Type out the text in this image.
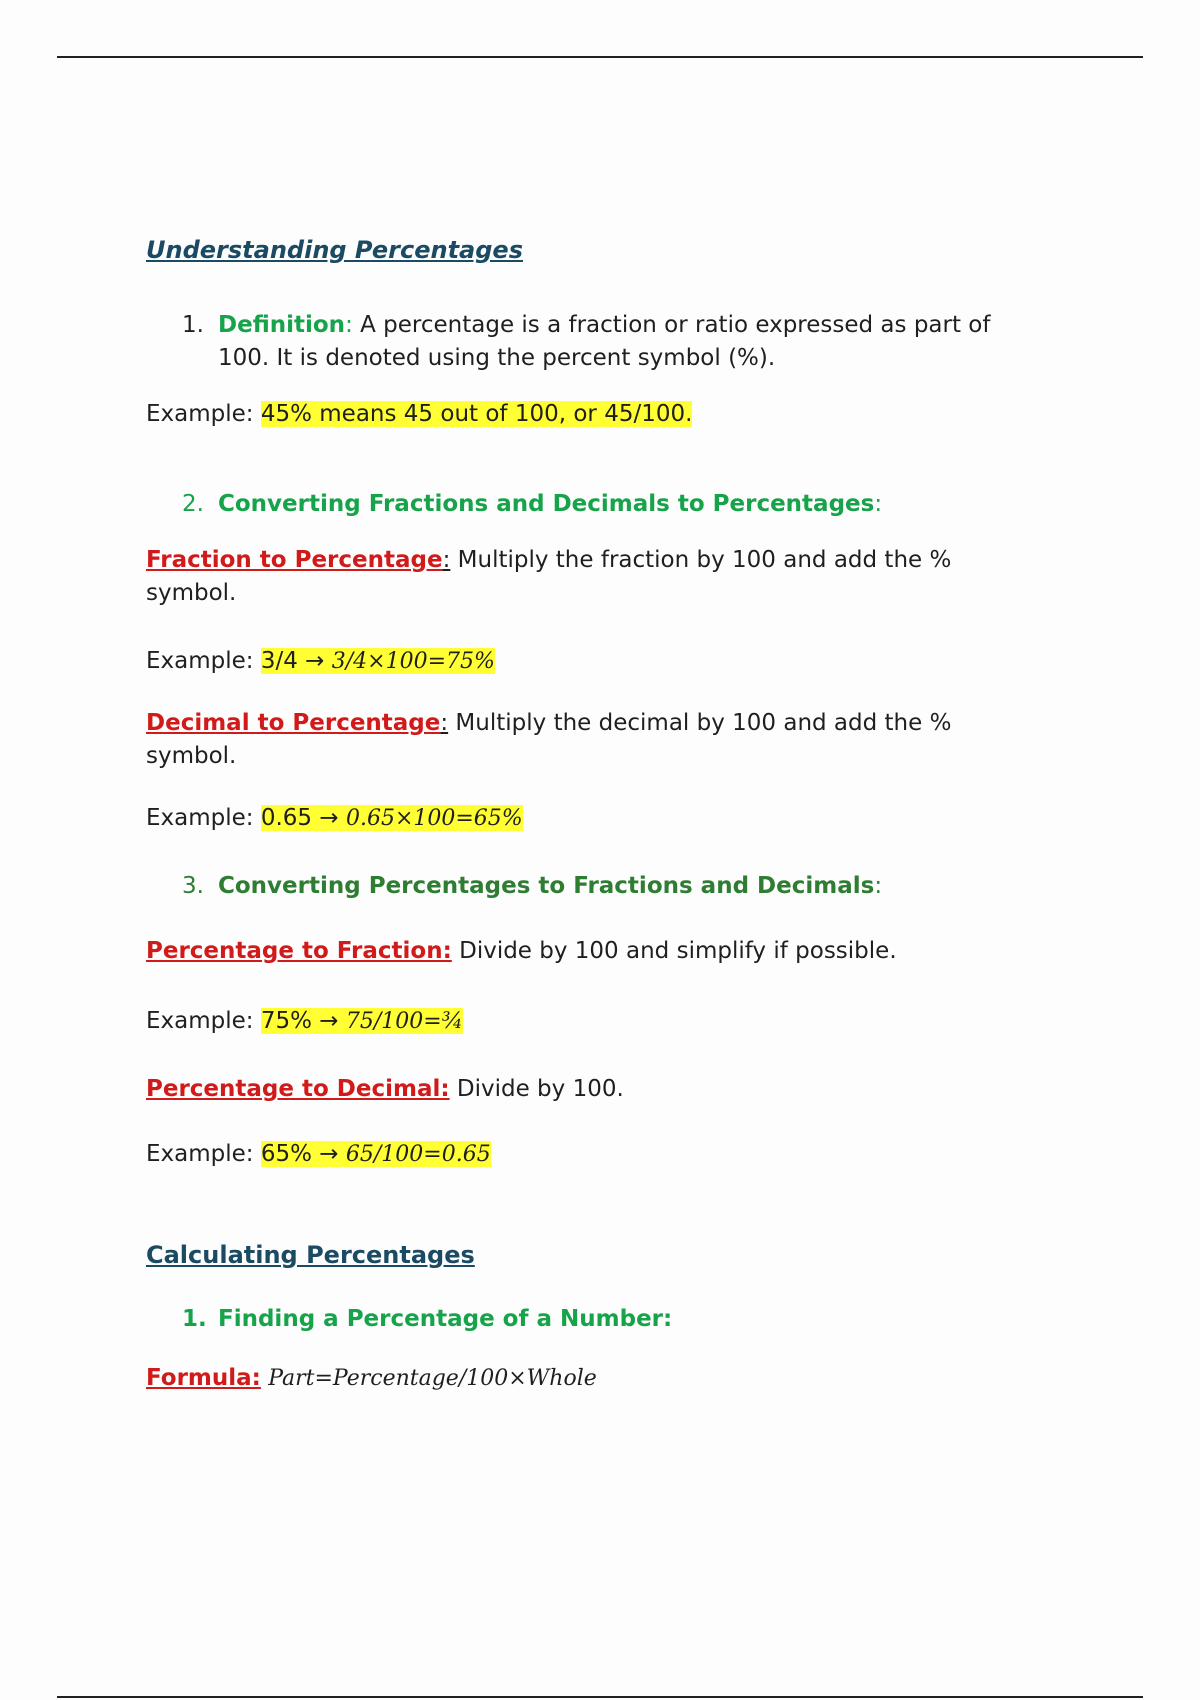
Understanding Percentages
1. Definition: A percentage is a fraction or ratio expressed as part of 100. It is denoted using the percent symbol (%).

Example: 45% means 45 out of 100, or 45/100.

2. Converting Fractions and Decimals to Percentages:

Fraction to Percentage: Multiply the fraction by 100 and add the % symbol.

Example: 3/4 → 3/4×100=75%

Decimal to Percentage: Multiply the decimal by 100 and add the % symbol.

Example: 0.65 → 0.65×100=65%

3. Converting Percentages to Fractions and Decimals:

Percentage to Fraction: Divide by 100 and simplify if possible.

Example: 75% → 75/100=¾

Percentage to Decimal: Divide by 100.

Example: 65% → 65/100=0.65

Calculating Percentages
1. Finding a Percentage of a Number:

Formula: Part=Percentage/100×Whole
